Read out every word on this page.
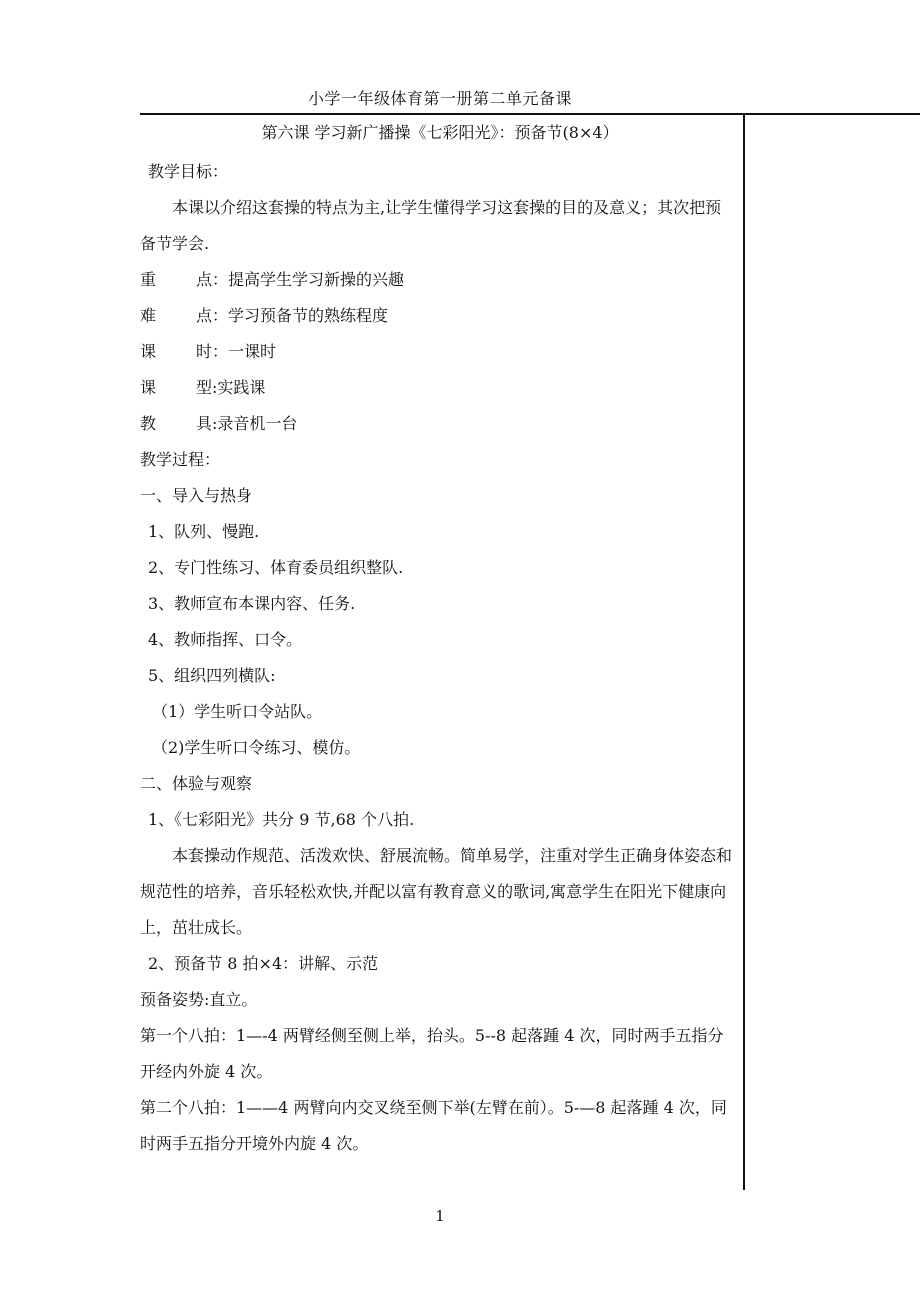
小学一年级体育第一册第二单元备课
第六课 学习新广播操《七彩阳光》：预备节(8×4）

教学目标：

本课以介绍这套操的特点为主,让学生懂得学习这套操的目的及意义；其次把预备节学会.

重 点：提高学生学习新操的兴趣

难 点：学习预备节的熟练程度

课 时：一课时

课 型:实践课

教 具:录音机一台

教学过程：

一、导入与热身

1、队列、慢跑.

2、专门性练习、体育委员组织整队.

3、教师宣布本课内容、任务.

4、教师指挥、口令。

5、组织四列横队:

（1）学生听口令站队。

（2)学生听口令练习、模仿。

二、体验与观察

1、《七彩阳光》共分 9 节,68 个八拍.

本套操动作规范、活泼欢快、舒展流畅。简单易学，注重对学生正确身体姿态和规范性的培养，音乐轻松欢快,并配以富有教育意义的歌词,寓意学生在阳光下健康向上，茁壮成长。

2、预备节 8 拍×4：讲解、示范

预备姿势:直立。

第一个八拍：1—-4 两臂经侧至侧上举，抬头。5--8 起落踵 4 次，同时两手五指分开经内外旋 4 次。

第二个八拍：1——4 两臂向内交叉绕至侧下举(左臂在前）。5-—8 起落踵 4 次，同时两手五指分开境外内旋 4 次。

1
